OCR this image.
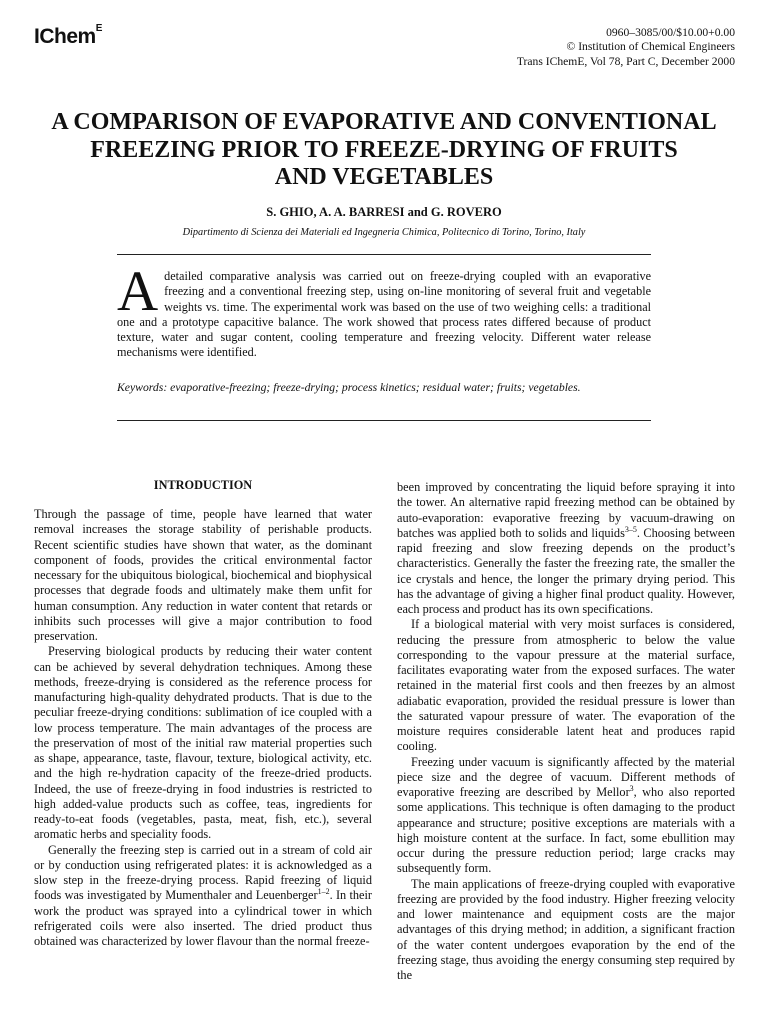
IChem$^E$	0960–3085/00/$10.00+0.00
© Institution of Chemical Engineers
Trans IChemE, Vol 78, Part C, December 2000
A COMPARISON OF EVAPORATIVE AND CONVENTIONAL
FREEZING PRIOR TO FREEZE-DRYING OF FRUITS
AND VEGETABLES
S. GHIO, A. A. BARRESI and G. ROVERO
Dipartimento di Scienza dei Materiali ed Ingegneria Chimica, Politecnico di Torino, Torino, Italy
Adetailed comparative analysis was carried out on freeze-drying coupled with an evaporative freezing and a conventional freezing step, using on-line monitoring of several fruit and vegetable weights vs. time. The experimental work was based on the use of two weighing cells: a traditional one and a prototype capacitive balance. The work showed that process rates differed because of product texture, water and sugar content, cooling temperature and freezing velocity. Different water release mechanisms were identified.
Keywords: evaporative-freezing; freeze-drying; process kinetics; residual water; fruits; vegetables.
INTRODUCTION

Through the passage of time, people have learned that water removal increases the storage stability of perishable products. Recent scientific studies have shown that water, as the dominant component of foods, provides the critical environmental factor necessary for the ubiquitous biological, biochemical and biophysical processes that degrade foods and ultimately make them unfit for human consumption. Any reduction in water content that retards or inhibits such processes will give a major contribution to food preservation.

Preserving biological products by reducing their water content can be achieved by several dehydration techniques. Among these methods, freeze-drying is considered as the reference process for manufacturing high-quality dehydrated products. That is due to the peculiar freeze-drying conditions: sublimation of ice coupled with a low process temperature. The main advantages of the process are the preservation of most of the initial raw material properties such as shape, appearance, taste, flavour, texture, biological activity, etc. and the high re-hydration capacity of the freeze-dried products. Indeed, the use of freeze-drying in food industries is restricted to high added-value products such as coffee, teas, ingredients for ready-to-eat foods (vegetables, pasta, meat, fish, etc.), several aromatic herbs and speciality foods.

Generally the freezing step is carried out in a stream of cold air or by conduction using refrigerated plates: it is acknowledged as a slow step in the freeze-drying process. Rapid freezing of liquid foods was investigated by Mumenthaler and Leuenberger$^{1-2}$. In their work the product was sprayed into a cylindrical tower in which refrigerated coils were also inserted. The dried product thus obtained was characterized by lower flavour than the normal freeze-

been improved by concentrating the liquid before spraying it into the tower. An alternative rapid freezing method can be obtained by auto-evaporation: evaporative freezing by vacuum-drawing on batches was applied both to solids and liquids$^{3-5}$. Choosing between rapid freezing and slow freezing depends on the product’s characteristics. Generally the faster the freezing rate, the smaller the ice crystals and hence, the longer the primary drying period. This has the advantage of giving a higher final product quality. However, each process and product has its own specifications.

If a biological material with very moist surfaces is considered, reducing the pressure from atmospheric to below the value corresponding to the vapour pressure at the material surface, facilitates evaporating water from the exposed surfaces. The water retained in the material first cools and then freezes by an almost adiabatic evaporation, provided the residual pressure is lower than the saturated vapour pressure of water. The evaporation of the moisture requires considerable latent heat and produces rapid cooling.

Freezing under vacuum is significantly affected by the material piece size and the degree of vacuum. Different methods of evaporative freezing are described by Mellor$^3$, who also reported some applications. This technique is often damaging to the product appearance and structure; positive exceptions are materials with a high moisture content at the surface. In fact, some ebullition may occur during the pressure reduction period; large cracks may subsequently form.

The main applications of freeze-drying coupled with evaporative freezing are provided by the food industry. Higher freezing velocity and lower maintenance and equipment costs are the major advantages of this drying method; in addition, a significant fraction of the water content undergoes evaporation by the end of the freezing stage, thus avoiding the energy consuming step required by the
